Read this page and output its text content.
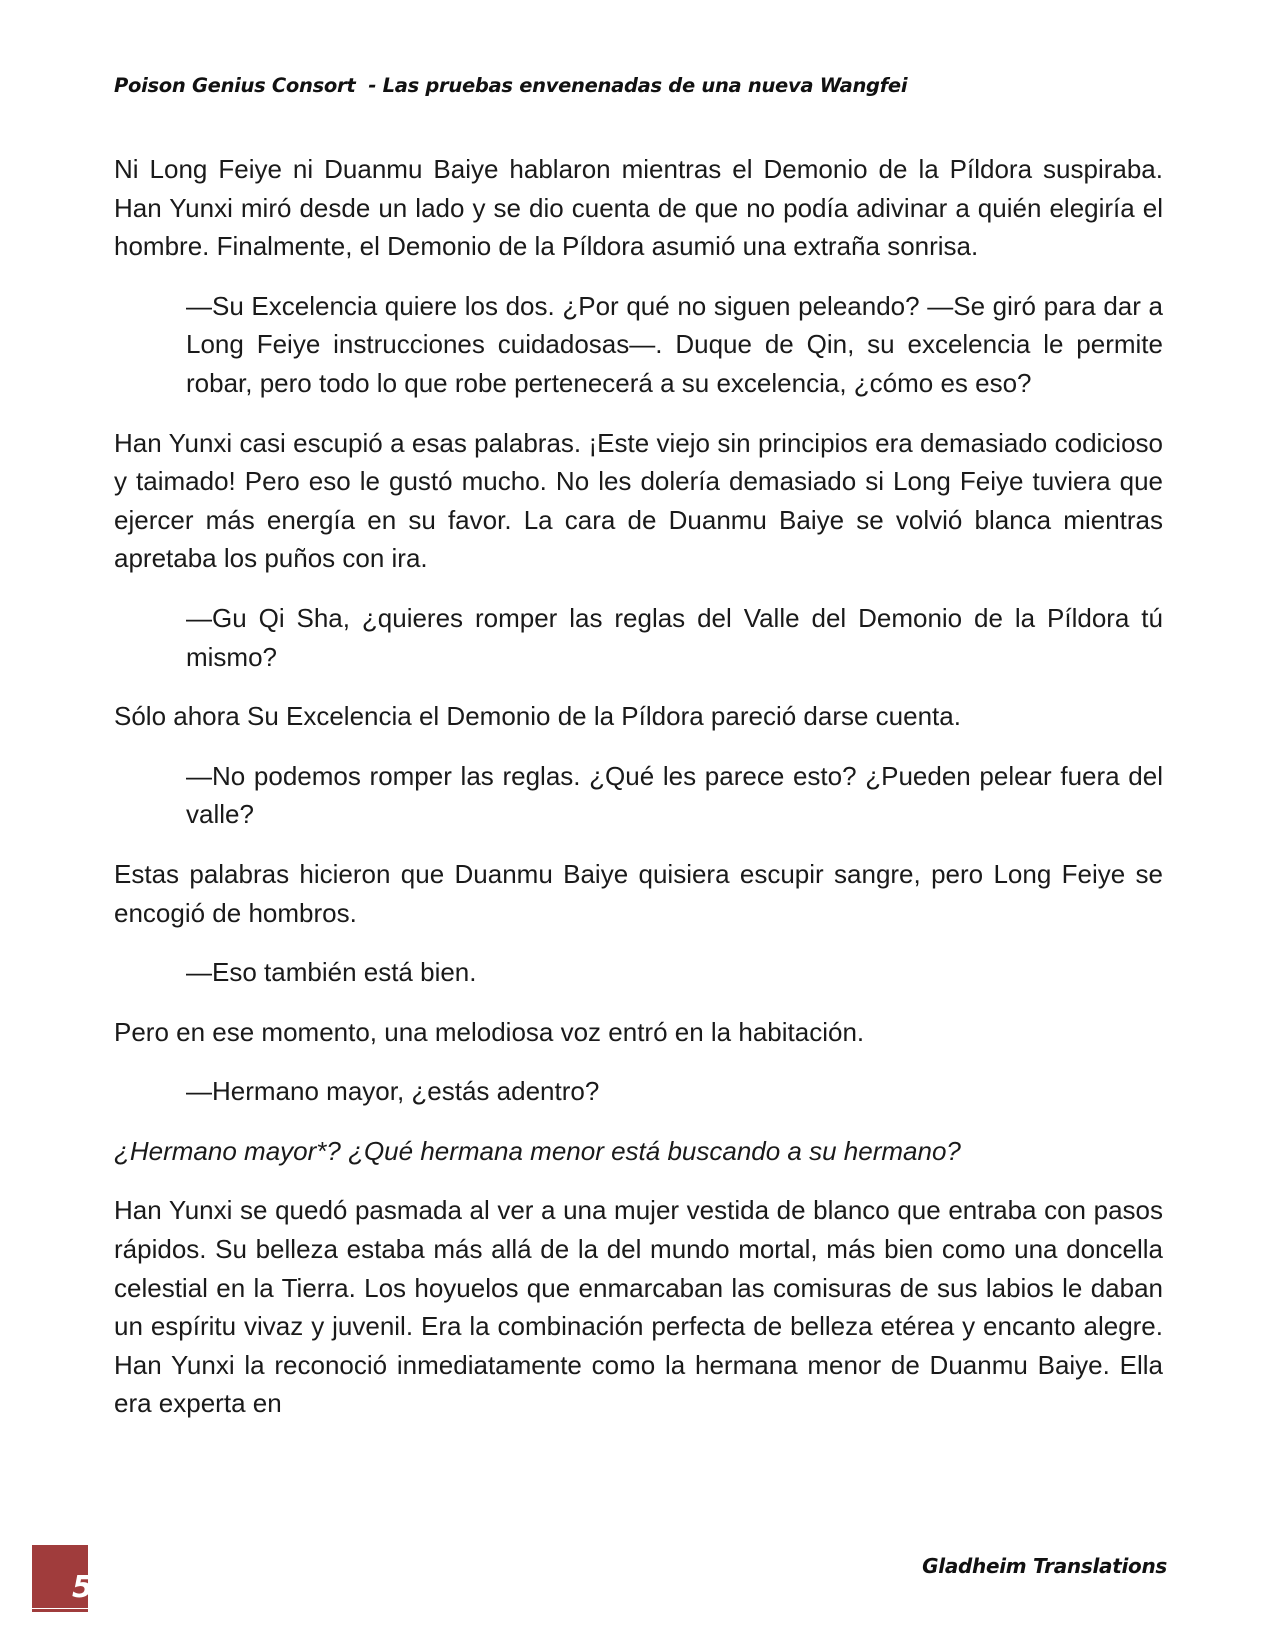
Poison Genius Consort  - Las pruebas envenenadas de una nueva Wangfei

Ni Long Feiye ni Duanmu Baiye hablaron mientras el Demonio de la Píldora suspiraba. Han Yunxi miró desde un lado y se dio cuenta de que no podía adivinar a quién elegiría el hombre. Finalmente, el Demonio de la Píldora asumió una extraña sonrisa.

—Su Excelencia quiere los dos. ¿Por qué no siguen peleando? —Se giró para dar a Long Feiye instrucciones cuidadosas—. Duque de Qin, su excelencia le permite robar, pero todo lo que robe pertenecerá a su excelencia, ¿cómo es eso?

Han Yunxi casi escupió a esas palabras. ¡Este viejo sin principios era demasiado codicioso y taimado! Pero eso le gustó mucho. No les dolería demasiado si Long Feiye tuviera que ejercer más energía en su favor. La cara de Duanmu Baiye se volvió blanca mientras apretaba los puños con ira.

—Gu Qi Sha, ¿quieres romper las reglas del Valle del Demonio de la Píldora tú mismo?

Sólo ahora Su Excelencia el Demonio de la Píldora pareció darse cuenta.

—No podemos romper las reglas. ¿Qué les parece esto? ¿Pueden pelear fuera del valle?

Estas palabras hicieron que Duanmu Baiye quisiera escupir sangre, pero Long Feiye se encogió de hombros.

—Eso también está bien.

Pero en ese momento, una melodiosa voz entró en la habitación.

—Hermano mayor, ¿estás adentro?

¿Hermano mayor*? ¿Qué hermana menor está buscando a su hermano?

Han Yunxi se quedó pasmada al ver a una mujer vestida de blanco que entraba con pasos rápidos. Su belleza estaba más allá de la del mundo mortal, más bien como una doncella celestial en la Tierra. Los hoyuelos que enmarcaban las comisuras de sus labios le daban un espíritu vivaz y juvenil. Era la combinación perfecta de belleza etérea y encanto alegre. Han Yunxi la reconoció inmediatamente como la hermana menor de Duanmu Baiye. Ella era experta en

5
Gladheim Translations
